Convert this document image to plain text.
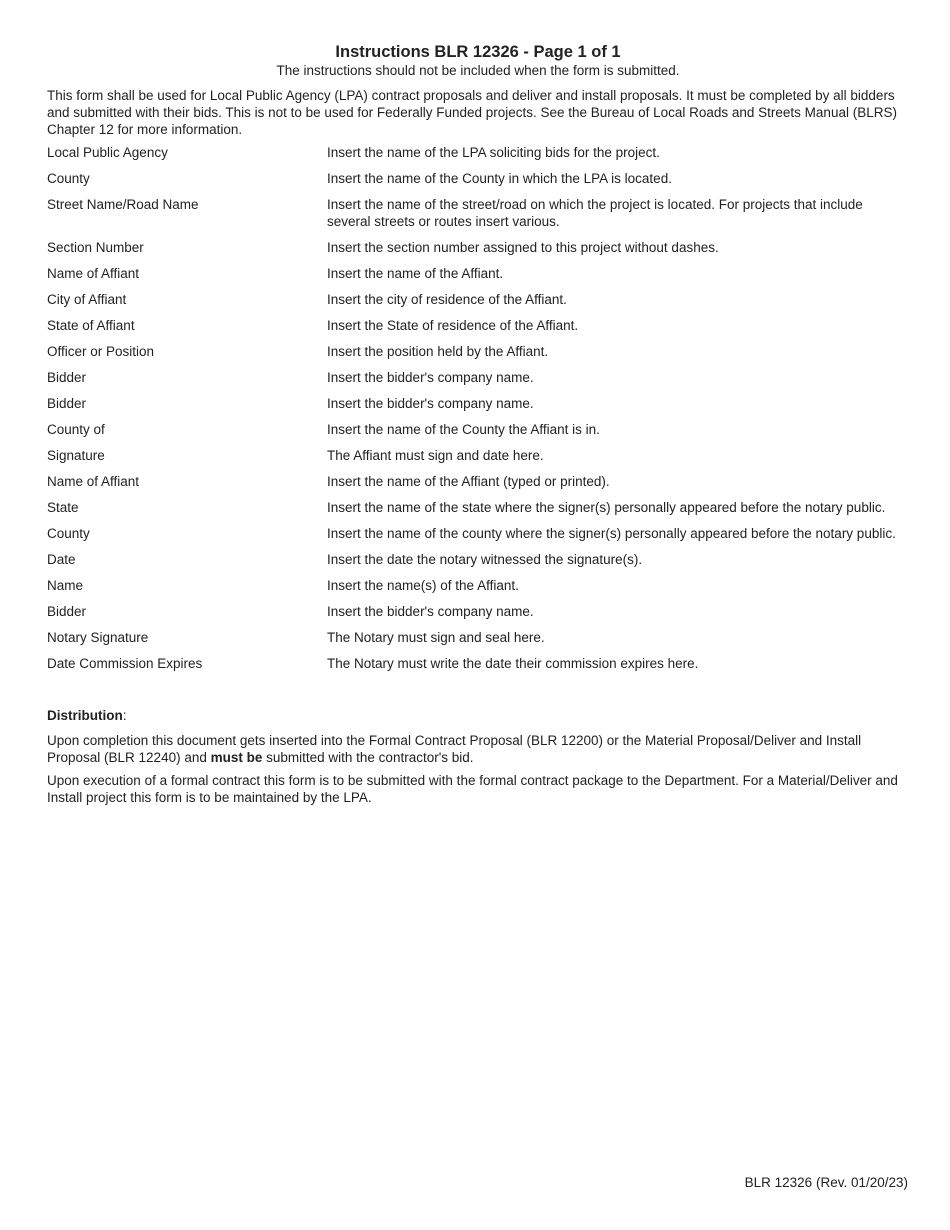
Instructions BLR 12326 - Page 1 of 1

The instructions should not be included when the form is submitted.

This form shall be used for Local Public Agency (LPA) contract proposals and deliver and install proposals. It must be completed by all bidders and submitted with their bids. This is not to be used for Federally Funded projects. See the Bureau of Local Roads and Streets Manual (BLRS) Chapter 12 for more information.

Local Public Agency	Insert the name of the LPA soliciting bids for the project.
County	Insert the name of the County in which the LPA is located.
Street Name/Road Name	Insert the name of the street/road on which the project is located. For projects that include several streets or routes insert various.
Section Number	Insert the section number assigned to this project without dashes.
Name of Affiant	Insert the name of the Affiant.
City of Affiant	Insert the city of residence of the Affiant.
State of Affiant	Insert the State of residence of the Affiant.
Officer or Position	Insert the position held by the Affiant.
Bidder	Insert the bidder's company name.
Bidder	Insert the bidder's company name.
County of	Insert the name of the County the Affiant is in.
Signature	The Affiant must sign and date here.
Name of Affiant	Insert the name of the Affiant (typed or printed).
State	Insert the name of the state where the signer(s) personally appeared before the notary public.
County	Insert the name of the county where the signer(s) personally appeared before the notary public.
Date	Insert the date the notary witnessed the signature(s).
Name	Insert the name(s) of the Affiant.
Bidder	Insert the bidder's company name.
Notary Signature	The Notary must sign and seal here.
Date Commission Expires	The Notary must write the date their commission expires here.

Distribution:

Upon completion this document gets inserted into the Formal Contract Proposal (BLR 12200) or the Material Proposal/Deliver and Install Proposal (BLR 12240) and must be submitted with the contractor's bid.

Upon execution of a formal contract this form is to be submitted with the formal contract package to the Department. For a Material/Deliver and Install project this form is to be maintained by the LPA.

BLR 12326 (Rev. 01/20/23)
